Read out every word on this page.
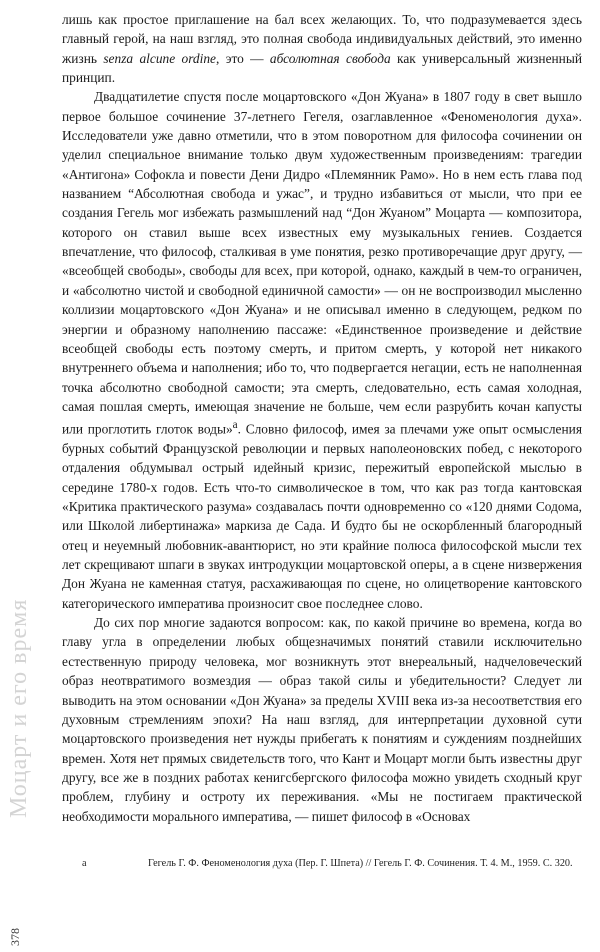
Моцарт и его время

лишь как простое приглашение на бал всех желающих. То, что подразумевается здесь главный герой, на наш взгляд, это полная свобода индивидуальных действий, это именно жизнь senza alcune ordine, это — абсолютная свобода как универсальный жизненный принцип.

Двадцатилетие спустя после моцартовского «Дон Жуана» в 1807 году в свет вышло первое большое сочинение 37-летнего Гегеля, озаглавленное «Феноменология духа». Исследователи уже давно отметили, что в этом поворотном для философа сочинении он уделил специальное внимание только двум художественным произведениям: трагедии «Антигона» Софокла и повести Дени Дидро «Племянник Рамо». Но в нем есть глава под названием “Абсолютная свобода и ужас”, и трудно избавиться от мысли, что при ее создания Гегель мог избежать размышлений над “Дон Жуаном” Моцарта — композитора, которого он ставил выше всех известных ему музыкальных гениев. Создается впечатление, что философ, сталкивая в уме понятия, резко противоречащие друг другу, — «всеобщей свободы», свободы для всех, при которой, однако, каждый в чем-то ограничен, и «абсолютно чистой и свободной единичной самости» — он не воспроизводил мысленно коллизии моцартовского «Дон Жуана» и не описывал именно в следующем, редком по энергии и образному наполнению пассаже: «Единственное произведение и действие всеобщей свободы есть поэтому смерть, и притом смерть, у которой нет никакого внутреннего объема и наполнения; ибо то, что подвергается негации, есть не наполненная точка абсолютно свободной самости; эта смерть, следовательно, есть самая холодная, самая пошлая смерть, имеющая значение не больше, чем если разрубить кочан капусты или проглотить глоток воды»$^а$. Словно философ, имея за плечами уже опыт осмысления бурных событий Французской революции и первых наполеоновских побед, с некоторого отдаления обдумывал острый идейный кризис, пережитый европейской мыслью в середине 1780-х годов. Есть что-то символическое в том, что как раз тогда кантовская «Критика практического разума» создавалась почти одновременно со «120 днями Содома, или Школой либертинажа» маркиза де Сада. И будто бы не оскорбленный благородный отец и неуемный любовник-авантюрист, но эти крайние полюса философской мысли тех лет скрещивают шпаги в звуках интродукции моцартовской оперы, а в сцене низвержения Дон Жуана не каменная статуя, расхаживающая по сцене, но олицетворение кантовского категорического императива произносит свое последнее слово.

До сих пор многие задаются вопросом: как, по какой причине во времена, когда во главу угла в определении любых общезначимых понятий ставили исключительно естественную природу человека, мог возникнуть этот внереальный, надчеловеческий образ неотвратимого возмездия — образ такой силы и убедительности? Следует ли выводить на этом основании «Дон Жуана» за пределы XVIII века из-за несоответствия его духовным стремлениям эпохи? На наш взгляд, для интерпретации духовной сути моцартовского произведения нет нужды прибегать к понятиям и суждениям позднейших времен. Хотя нет прямых свидетельств того, что Кант и Моцарт могли быть известны друг другу, все же в поздних работах кенигсбергского философа можно увидеть сходный круг проблем, глубину и остроту их переживания. «Мы не постигаем практической необходимости морального императива, — пишет философ в «Основах

а	Гегель Г. Ф. Феноменология духа (Пер. Г. Шпета) // Гегель Г. Ф. Сочинения. Т. 4. М., 1959. С. 320.
378
